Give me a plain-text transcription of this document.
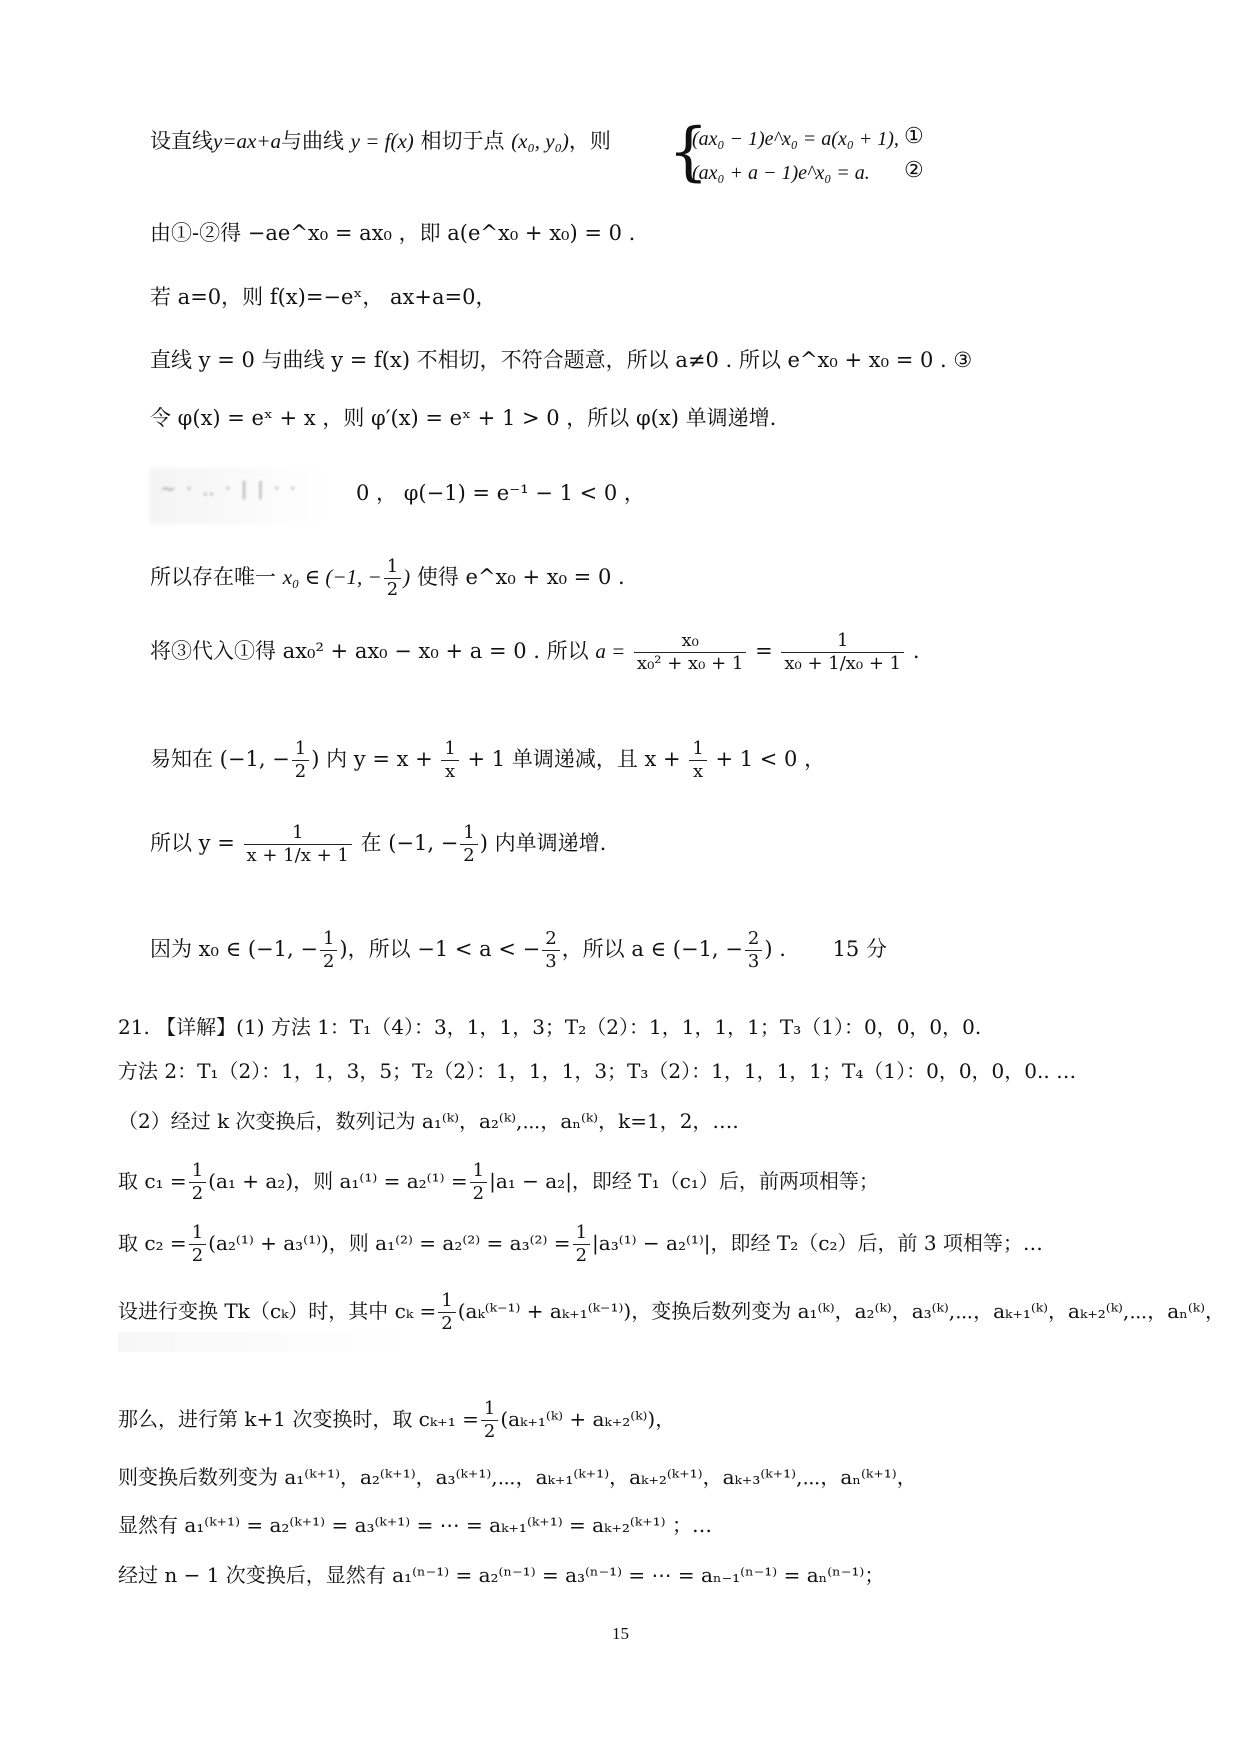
设直线y=ax+a与曲线 y = f(x) 相切于点 (x₀, y₀)，则 {
(ax₀ − 1)e^x₀ = a(x₀ + 1), ①
(ax₀ + a − 1)e^x₀ = a. ②
由①-②得 −ae^x₀ = ax₀ ，即 a(e^x₀ + x₀) = 0 .
若 a=0，则 f(x)=−eˣ， ax+a=0，
直线 y = 0 与曲线 y = f(x) 不相切，不符合题意，所以 a≠0 . 所以 e^x₀ + x₀ = 0 . ③
令 φ(x) = eˣ + x ，则 φ′(x) = eˣ + 1 > 0 ，所以 φ(x) 单调递增.
~ · ‥ · | | · ·	0 ， φ(−1) = e⁻¹ − 1 < 0 ，
所以存在唯一 x₀ ∈ (−1, − $\frac{1}{2}$ ) 使得 e^x₀ + x₀ = 0 .
将③代入①得 ax₀² + ax₀ − x₀ + a = 0 . 所以 $a = \frac{\text{x₀}}{\text{x₀² + x₀ + 1}} = \frac{1}{\text{x₀ + 1/x₀ + 1}}$ .
易知在 (−1, − $\frac{1}{2}$ ) 内 $y = x + \frac{1}{x} + 1$ 单调递减，且 $x + \frac{1}{x} + 1 < 0$ ，
所以 $y = \frac{1}{x + 1/x + 1}$ 在 (−1, − $\frac{1}{2}$ ) 内单调递增.
因为 x₀ ∈ (−1, − $\frac{1}{2}$ )，所以 −1 < a < − $\frac{2}{3}$ ，所以 a ∈ (−1, − $\frac{2}{3}$ ) . 15 分
21. 【详解】(1) 方法 1：T₁（4）：3，1，1，3；T₂（2）：1，1，1，1；T₃（1）：0，0，0，0.
方法 2：T₁（2）：1，1，3，5；T₂（2）：1，1，1，3；T₃（2）：1，1，1，1；T₄（1）：0，0，0，0.. …
（2）经过 k 次变换后，数列记为 a₁⁽ᵏ⁾，a₂⁽ᵏ⁾,⋯，aₙ⁽ᵏ⁾，k=1，2，….
取 $c_1 = \frac{1}{2} (a_1 + a_2)$，则 $a_1^{(1)} = a_2^{(1)} = \frac{1}{2} |a_1 - a_2|$，即经 T₁（c₁）后，前两项相等；
取 $c_2 = \frac{1}{2} (a_2^{(1)} + a_3^{(1)})$，则 $a_1^{(2)} = a_2^{(2)} = a_3^{(2)} = \frac{1}{2} |a_3^{(1)} - a_2^{(1)}|$，即经 T₂（c₂）后，前 3 项相等；…
设进行变换 Tk（cₖ）时，其中 $c_k = \frac{1}{2}$ (aₖ⁽ᵏ⁻¹⁾ + aₖ₊₁⁽ᵏ⁻¹⁾)，变换后数列变为 a₁⁽ᵏ⁾，a₂⁽ᵏ⁾，a₃⁽ᵏ⁾,⋯，aₖ₊₁⁽ᵏ⁾，aₖ₊₂⁽ᵏ⁾,⋯，aₙ⁽ᵏ⁾，
那么，进行第 k+1 次变换时，取 $c_{k+1} = \frac{1}{2}$ (aₖ₊₁⁽ᵏ⁾ + aₖ₊₂⁽ᵏ⁾)，
则变换后数列变为 a₁⁽ᵏ⁺¹⁾，a₂⁽ᵏ⁺¹⁾，a₃⁽ᵏ⁺¹⁾,⋯，aₖ₊₁⁽ᵏ⁺¹⁾，aₖ₊₂⁽ᵏ⁺¹⁾，aₖ₊₃⁽ᵏ⁺¹⁾,⋯，aₙ⁽ᵏ⁺¹⁾，
显然有 a₁⁽ᵏ⁺¹⁾ = a₂⁽ᵏ⁺¹⁾ = a₃⁽ᵏ⁺¹⁾ = ⋯ = aₖ₊₁⁽ᵏ⁺¹⁾ = aₖ₊₂⁽ᵏ⁺¹⁾ ；…
经过 n − 1 次变换后，显然有 a₁⁽ⁿ⁻¹⁾ = a₂⁽ⁿ⁻¹⁾ = a₃⁽ⁿ⁻¹⁾ = ⋯ = aₙ₋₁⁽ⁿ⁻¹⁾ = aₙ⁽ⁿ⁻¹⁾；
15
